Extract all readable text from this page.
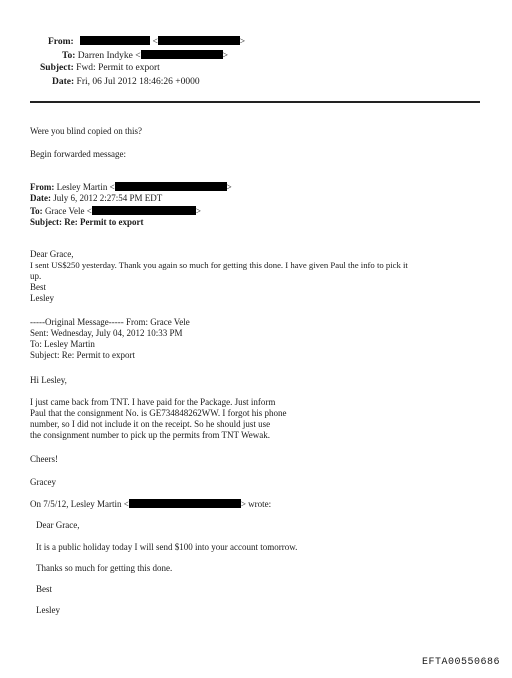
From:	<	>
To: Darren Indyke <	>
Subject: Fwd: Permit to export
Date: Fri, 06 Jul 2012 18:46:26 +0000
Were you blind copied on this?
Begin forwarded message:
From: Lesley Martin <	>
Date: July 6, 2012 2:27:54 PM EDT
To: Grace Vele <	>
Subject: Re: Permit to export
Dear Grace,
I sent US$250 yesterday. Thank you again so much for getting this done. I have given Paul the info to pick it
up.
Best
Lesley
-----Original Message----- From: Grace Vele
Sent: Wednesday, July 04, 2012 10:33 PM
To: Lesley Martin
Subject: Re: Permit to export
Hi Lesley,
I just came back from TNT. I have paid for the Package. Just inform
Paul that the consignment No. is GE734848262WW. I forgot his phone
number, so I did not include it on the receipt. So he should just use
the consignment number to pick up the permits from TNT Wewak.
Cheers!
Gracey
On 7/5/12, Lesley Martin <	> wrote:
Dear Grace,
It is a public holiday today I will send $100 into your account tomorrow.
Thanks so much for getting this done.
Best
Lesley
EFTA00550686
